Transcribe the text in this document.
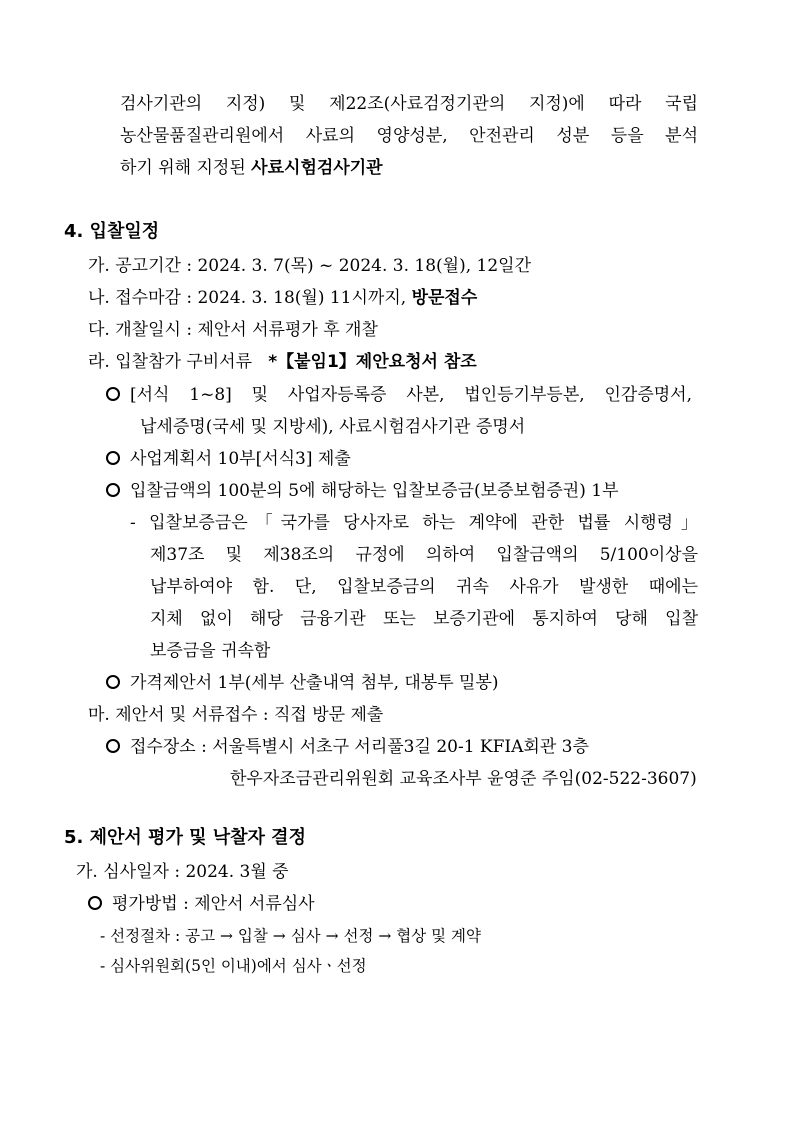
검사기관의 지정) 및 제22조(사료검정기관의 지정)에 따라 국립
농산물품질관리원에서 사료의 영양성분, 안전관리 성분 등을 분석
하기 위해 지정된 사료시험검사기관
4. 입찰일정
가. 공고기간 : 2024. 3. 7(목) ~ 2024. 3. 18(월), 12일간
나. 접수마감 : 2024. 3. 18(월) 11시까지, 방문접수
다. 개찰일시 : 제안서 서류평가 후 개찰
라. 입찰참가 구비서류   *【붙임1】제안요청서 참조
[서식 1~8] 및 사업자등록증 사본, 법인등기부등본, 인감증명서,
납세증명(국세 및 지방세), 사료시험검사기관 증명서
사업계획서 10부[서식3] 제출
입찰금액의 100분의 5에 해당하는 입찰보증금(보증보험증권) 1부
- 입찰보증금은「국가를 당사자로 하는 계약에 관한 법률 시행령」
제37조 및 제38조의 규정에 의하여 입찰금액의 5/100이상을
납부하여야 함. 단, 입찰보증금의 귀속 사유가 발생한 때에는
지체 없이 해당 금융기관 또는 보증기관에 통지하여 당해 입찰
보증금을 귀속함
가격제안서 1부(세부 산출내역 첨부, 대봉투 밀봉)
마. 제안서 및 서류접수 : 직접 방문 제출
접수장소 : 서울특별시 서초구 서리풀3길 20-1 KFIA회관 3층
한우자조금관리위원회 교육조사부 윤영준 주임(02-522-3607)
5. 제안서 평가 및 낙찰자 결정
가. 심사일자 : 2024. 3월 중
평가방법 : 제안서 서류심사
- 선정절차 : 공고 → 입찰 → 심사 → 선정 → 협상 및 계약
- 심사위원회(5인 이내)에서 심사ㆍ선정
